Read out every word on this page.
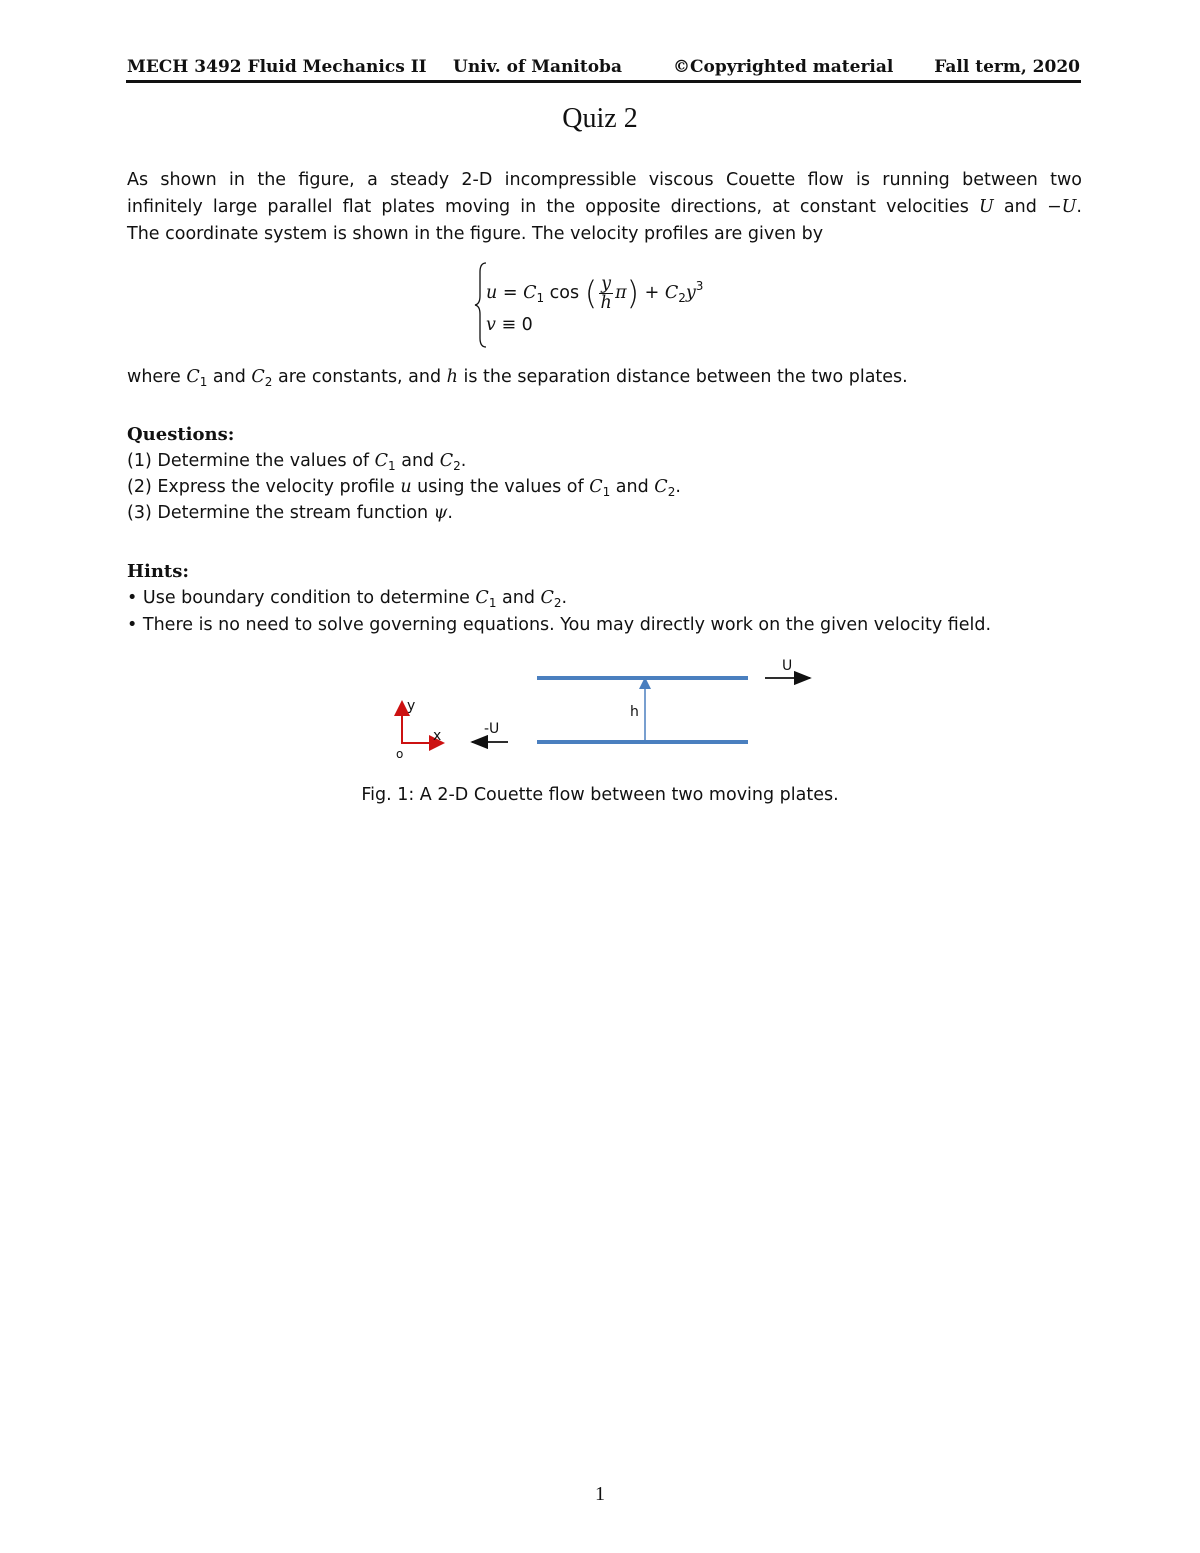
MECH 3492 Fluid Mechanics II Univ. of Manitoba	©Copyrighted material Fall term, 2020
Quiz 2
As shown in the figure, a steady 2-D incompressible viscous Couette flow is running between two
infinitely large parallel flat plates moving in the opposite directions, at constant velocities U and −U.
The coordinate system is shown in the figure. The velocity profiles are given by
$u = C_1$ cos ( $\frac{y}{h} \pi) + C_2y^3$
v ≡ 0
where $C_1$ and $C_2$ are constants, and h is the separation distance between the two plates.
Questions:
(1) Determine the values of $C_1$ and $C_2$.
(2) Express the velocity profile u using the values of $C_1$ and $C_2$.
(3) Determine the stream function ψ.
Hints:
• Use boundary condition to determine $C_1$ and $C_2$.
• There is no need to solve governing equations. You may directly work on the given velocity field.
h
U
-U
y
x
o
Fig. 1: A 2-D Couette flow between two moving plates.
1
